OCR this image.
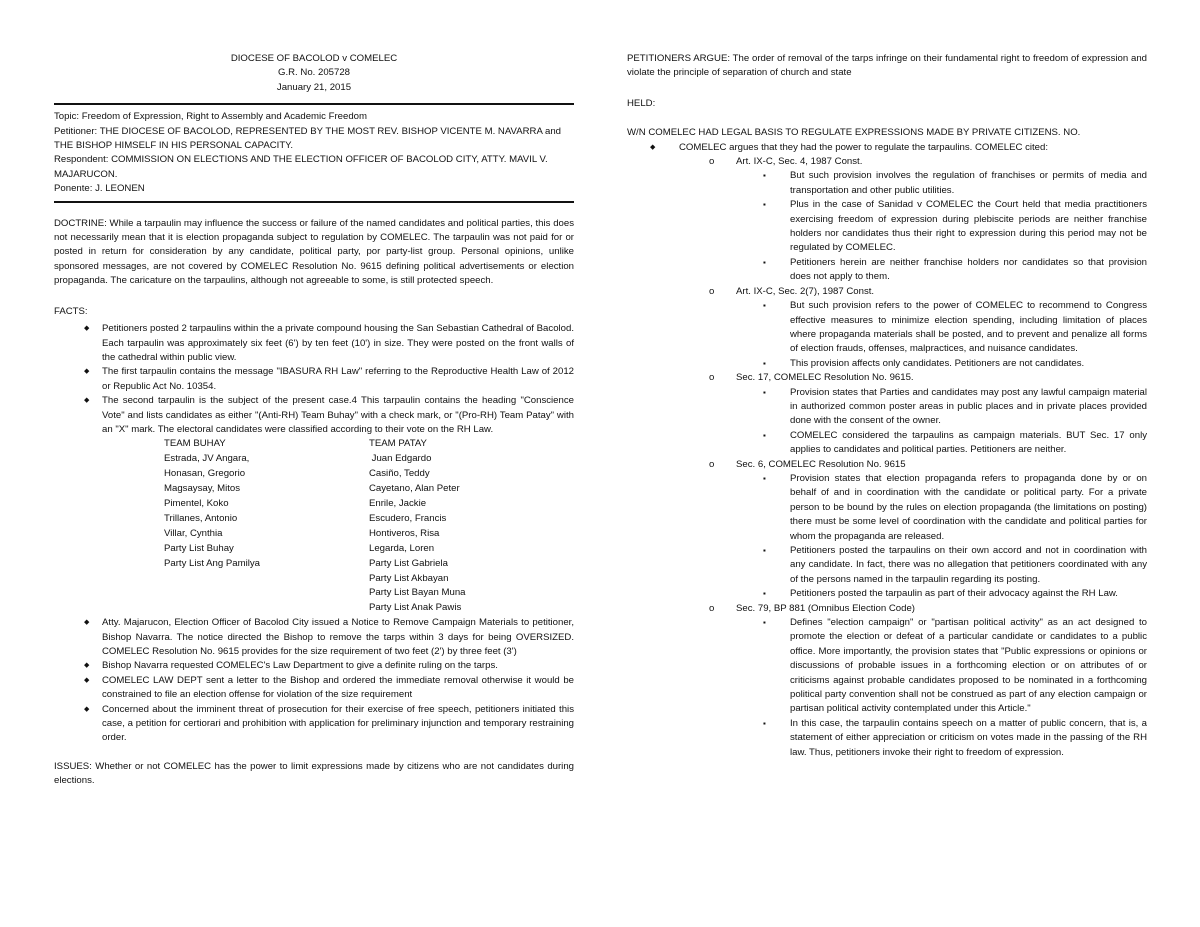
DIOCESE OF BACOLOD v COMELEC
G.R. No. 205728
January 21, 2015

Topic: Freedom of Expression, Right to Assembly and Academic Freedom

Petitioner: THE DIOCESE OF BACOLOD, REPRESENTED BY THE MOST REV. BISHOP VICENTE M. NAVARRA and THE BISHOP HIMSELF IN HIS PERSONAL CAPACITY.

Respondent: COMMISSION ON ELECTIONS AND THE ELECTION OFFICER OF BACOLOD CITY, ATTY. MAVIL V. MAJARUCON.

Ponente: J. LEONEN

DOCTRINE: While a tarpaulin may influence the success or failure of the named candidates and political parties, this does not necessarily mean that it is election propaganda subject to regulation by COMELEC. The tarpaulin was not paid for or posted in return for consideration by any candidate, political party, por party-list group. Personal opinions, unlike sponsored messages, are not covered by COMELEC Resolution No. 9615 defining political advertisements or election propaganda. The caricature on the tarpaulins, although not agreeable to some, is still protected speech.

FACTS:

◆ Petitioners posted 2 tarpaulins within the a private compound housing the San Sebastian Cathedral of Bacolod. Each tarpaulin was approximately six feet (6') by ten feet (10') in size. They were posted on the front walls of the cathedral within public view.
◆ The first tarpaulin contains the message "IBASURA RH Law" referring to the Reproductive Health Law of 2012 or Republic Act No. 10354.
◆ The second tarpaulin is the subject of the present case.4 This tarpaulin contains the heading "Conscience Vote" and lists candidates as either "(Anti-RH) Team Buhay" with a check mark, or "(Pro-RH) Team Patay" with an "X" mark. The electoral candidates were classified according to their vote on the RH Law.
TEAM BUHAY
Estrada, JV Angara,
Honasan, Gregorio
Magsaysay, Mitos
Pimentel, Koko
Trillanes, Antonio
Villar, Cynthia
Party List Buhay
Party List Ang Pamilya
TEAM PATAY
Juan Edgardo
Casiño, Teddy
Cayetano, Alan Peter
Enrile, Jackie
Escudero, Francis
Hontiveros, Risa
Legarda, Loren
Party List Gabriela
Party List Akbayan
Party List Bayan Muna
Party List Anak Pawis
◆ Atty. Majarucon, Election Officer of Bacolod City issued a Notice to Remove Campaign Materials to petitioner, Bishop Navarra. The notice directed the Bishop to remove the tarps within 3 days for being OVERSIZED. COMELEC Resolution No. 9615 provides for the size requirement of two feet (2') by three feet (3')
◆ Bishop Navarra requested COMELEC's Law Department to give a definite ruling on the tarps.
◆ COMELEC LAW DEPT sent a letter to the Bishop and ordered the immediate removal otherwise it would be constrained to file an election offense for violation of the size requirement
◆ Concerned about the imminent threat of prosecution for their exercise of free speech, petitioners initiated this case, a petition for certiorari and prohibition with application for preliminary injunction and temporary restraining order.

ISSUES: Whether or not COMELEC has the power to limit expressions made by citizens who are not candidates during elections.

PETITIONERS ARGUE: The order of removal of the tarps infringe on their fundamental right to freedom of expression and violate the principle of separation of church and state

HELD:

W/N COMELEC HAD LEGAL BASIS TO REGULATE EXPRESSIONS MADE BY PRIVATE CITIZENS. NO.

◆ COMELEC argues that they had the power to regulate the tarpaulins. COMELEC cited:
o Art. IX-C, Sec. 4, 1987 Const.
▪ But such provision involves the regulation of franchises or permits of media and transportation and other public utilities.
▪ Plus in the case of Sanidad v COMELEC the Court held that media practitioners exercising freedom of expression during plebiscite periods are neither franchise holders nor candidates thus their right to expression during this period may not be regulated by COMELEC.
▪ Petitioners herein are neither franchise holders nor candidates so that provision does not apply to them.
o Art. IX-C, Sec. 2(7), 1987 Const.
▪ But such provision refers to the power of COMELEC to recommend to Congress effective measures to minimize election spending, including limitation of places where propaganda materials shall be posted, and to prevent and penalize all forms of election frauds, offenses, malpractices, and nuisance candidates.
▪ This provision affects only candidates. Petitioners are not candidates.
o Sec. 17, COMELEC Resolution No. 9615.
▪ Provision states that Parties and candidates may post any lawful campaign material in authorized common poster areas in public places and in private places provided done with the consent of the owner.
▪ COMELEC considered the tarpaulins as campaign materials. BUT Sec. 17 only applies to candidates and political parties. Petitioners are neither.
o Sec. 6, COMELEC Resolution No. 9615
▪ Provision states that election propaganda refers to propaganda done by or on behalf of and in coordination with the candidate or political party. For a private person to be bound by the rules on election propaganda (the limitations on posting) there must be some level of coordination with the candidate and political parties for whom the propaganda are released.
▪ Petitioners posted the tarpaulins on their own accord and not in coordination with any candidate. In fact, there was no allegation that petitioners coordinated with any of the persons named in the tarpaulin regarding its posting.
▪ Petitioners posted the tarpaulin as part of their advocacy against the RH Law.
o Sec. 79, BP 881 (Omnibus Election Code)
▪ Defines "election campaign" or "partisan political activity" as an act designed to promote the election or defeat of a particular candidate or candidates to a public office. More importantly, the provision states that "Public expressions or opinions or discussions of probable issues in a forthcoming election or on attributes of or criticisms against probable candidates proposed to be nominated in a forthcoming political party convention shall not be construed as part of any election campaign or partisan political activity contemplated under this Article."
▪ In this case, the tarpaulin contains speech on a matter of public concern, that is, a statement of either appreciation or criticism on votes made in the passing of the RH law. Thus, petitioners invoke their right to freedom of expression.
